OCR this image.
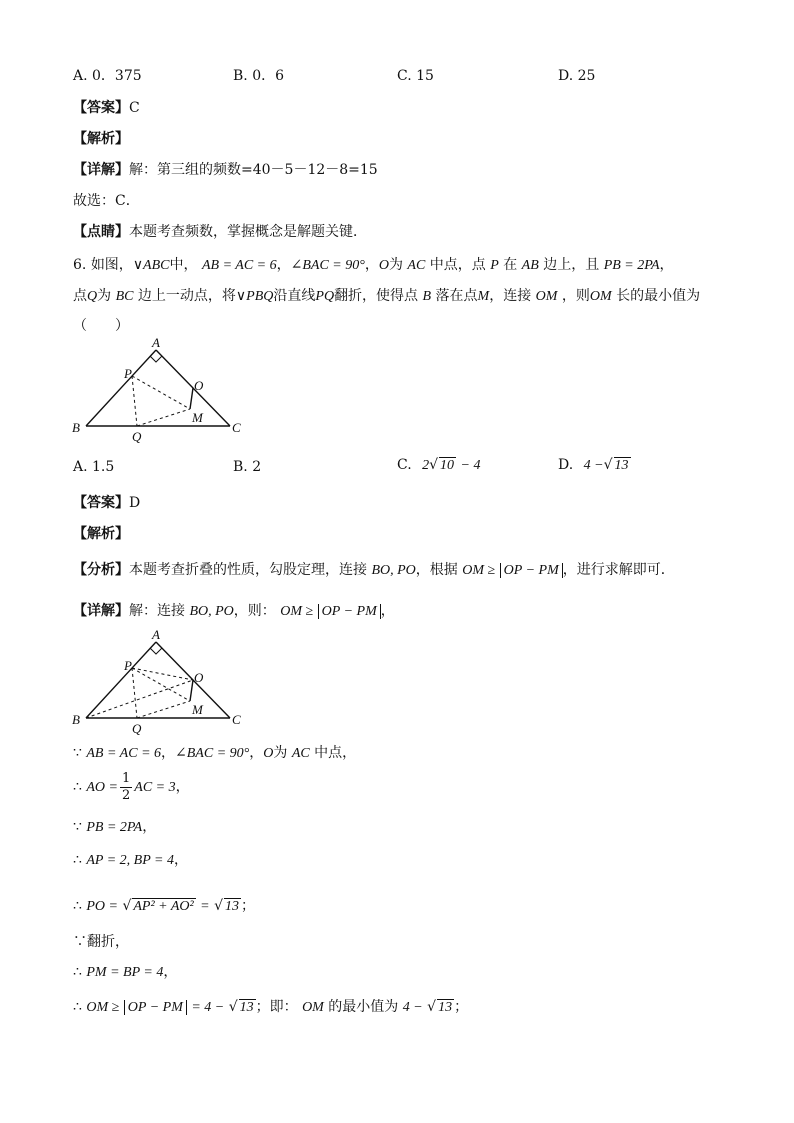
A. 0．375	B. 0．6	C. 15	D. 25
【答案】C
【解析】
【详解】解：第三组的频数=40－5－12－8=15
故选：C．
【点睛】本题考查频数，掌握概念是解题关键．
6. 如图，∨ABC中， AB = AC = 6，∠BAC = 90°，O为 AC 中点，点 P 在 AB 边上，且 PB = 2PA，
点Q为 BC 边上一动点，将∨PBQ沿直线PQ翻折，使得点 B 落在点M，连接 OM ，则OM 长的最小值为
（　　）
A
B	C
P
O
M
Q
A. 1.5	B. 2	C. 2√ 10 − 4	D. 4 −√ 13
【答案】D
【解析】
【分析】本题考查折叠的性质，勾股定理，连接 BO, PO，根据 OM ≥ OP − PM ，进行求解即可．
【详解】解：连接 BO, PO，则： OM ≥ OP − PM ，
A
B	C
P
O
M
Q
∵ AB = AC = 6，∠BAC = 90°，O为 AC 中点，
∴ AO = $\frac{1}{2}$ AC = 3，
∵ PB = 2PA，
∴ AP = 2, BP = 4，
∴ PO = √ AP² + AO² = √ 13 ；
∵翻折，
∴ PM = BP = 4，
∴ OM ≥ OP − PM = 4 − √ 13 ；即： OM 的最小值为 4 − √ 13 ；
